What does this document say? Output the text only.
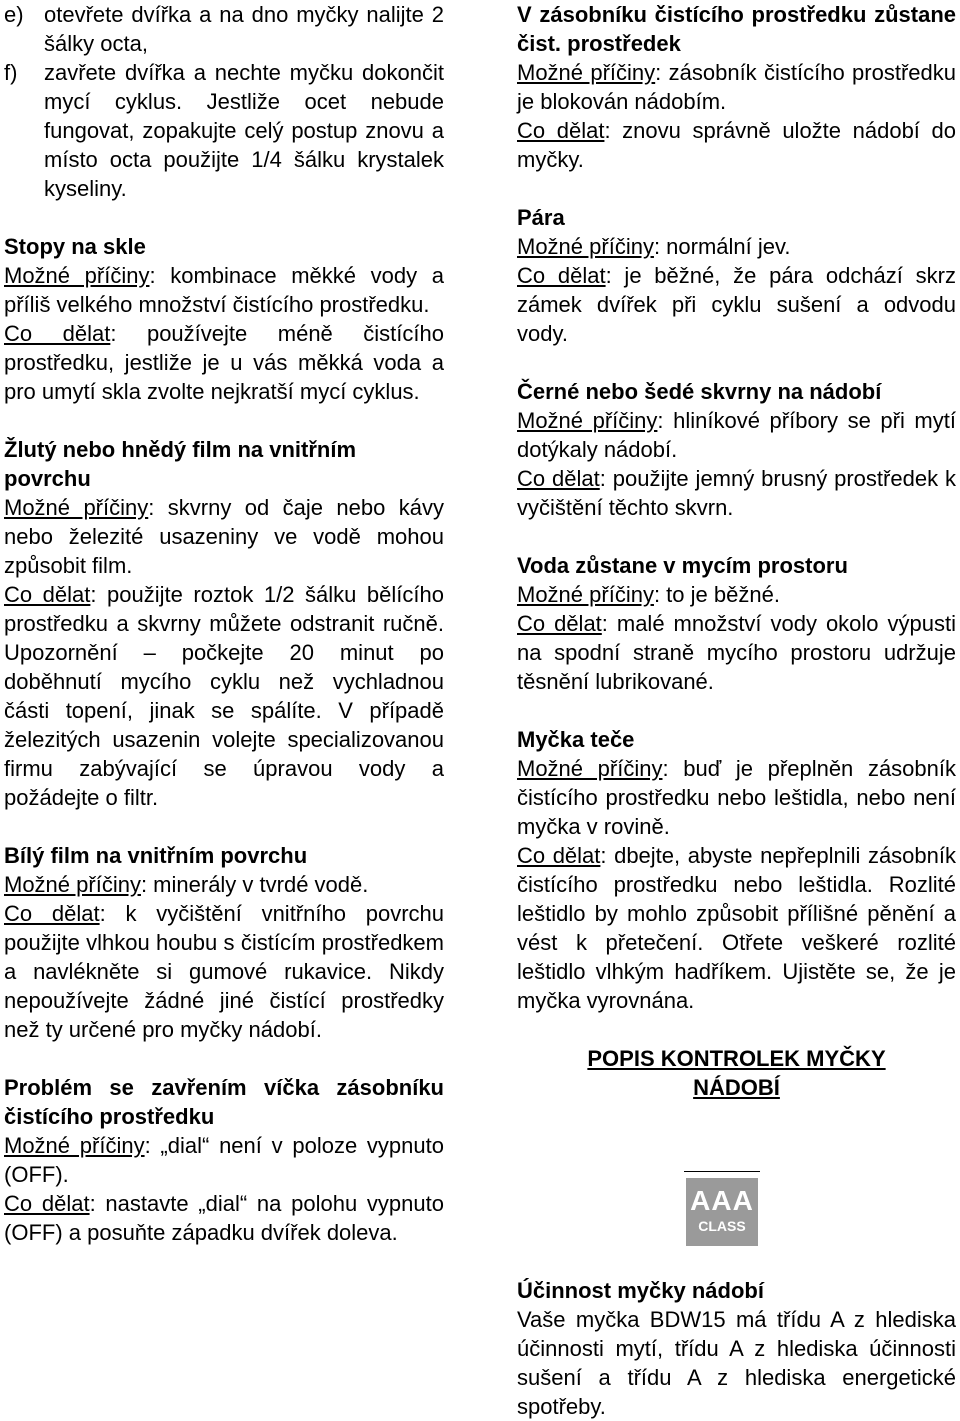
e) otevřete dvířka a na dno myčky nalijte 2 šálky octa,
f)	zavřete dvířka a nechte myčku dokončit mycí cyklus. Jestliže ocet nebude fungovat, zopakujte celý postup znovu a místo octa použijte 1/4 šálku krystalek kyseliny.
Stopy na skle
Možné příčiny: kombinace měkké vody a příliš velkého množství čistícího prostředku.
Co dělat: používejte méně čistícího prostředku, jestliže je u vás měkká voda a pro umytí skla zvolte nejkratší mycí cyklus.
Žlutý nebo hnědý film na vnitřním povrchu
Možné příčiny: skvrny od čaje nebo kávy nebo železité usazeniny ve vodě mohou způsobit film.
Co dělat: použijte roztok 1/2 šálku bělícího prostředku a skvrny můžete odstranit ručně. Upozornění – počkejte 20 minut po doběhnutí mycího cyklu než vychladnou části topení, jinak se spálíte. V případě železitých usazenin volejte specializovanou firmu zabývající se úpravou vody a požádejte o filtr.
Bílý film na vnitřním povrchu
Možné příčiny: minerály v tvrdé vodě.
Co dělat: k vyčištění vnitřního povrchu použijte vlhkou houbu s čistícím prostředkem a navlékněte si gumové rukavice. Nikdy nepoužívejte žádné jiné čistící prostředky než ty určené pro myčky nádobí.
Problém se zavřením víčka zásobníku čistícího prostředku
Možné příčiny: „dial“ není v poloze vypnuto (OFF).
Co dělat: nastavte „dial“ na polohu vypnuto (OFF) a posuňte západku dvířek doleva.
V zásobníku čistícího prostředku zůstane čist. prostředek
Možné příčiny: zásobník čistícího prostředku je blokován nádobím.
Co dělat: znovu správně uložte nádobí do myčky.
Pára
Možné příčiny: normální jev.
Co dělat: je běžné, že pára odchází skrz zámek dvířek při cyklu sušení a odvodu vody.
Černé nebo šedé skvrny na nádobí
Možné příčiny: hliníkové příbory se při mytí dotýkaly nádobí.
Co dělat: použijte jemný brusný prostředek k vyčištění těchto skvrn.
Voda zůstane v mycím prostoru
Možné příčiny: to je běžné.
Co dělat: malé množství vody okolo výpusti na spodní straně mycího prostoru udržuje těsnění lubrikované.
Myčka teče
Možné příčiny: buď je přeplněn zásobník čistícího prostředku nebo leštidla, nebo není myčka v rovině.
Co dělat: dbejte, abyste nepřeplnili zásobník čistícího prostředku nebo leštidla. Rozlité leštidlo by mohlo způsobit přílišné pěnění a vést k přetečení. Otřete veškeré rozlité leštidlo vlhkým hadříkem. Ujistěte se, že je myčka vyrovnána.
POPIS KONTROLEK MYČKY NÁDOBÍ
AAA
CLASS
Účinnost myčky nádobí
Vaše myčka BDW15 má třídu A z hlediska účinnosti mytí, třídu A z hlediska účinnosti sušení a třídu A z hlediska energetické spotřeby.
